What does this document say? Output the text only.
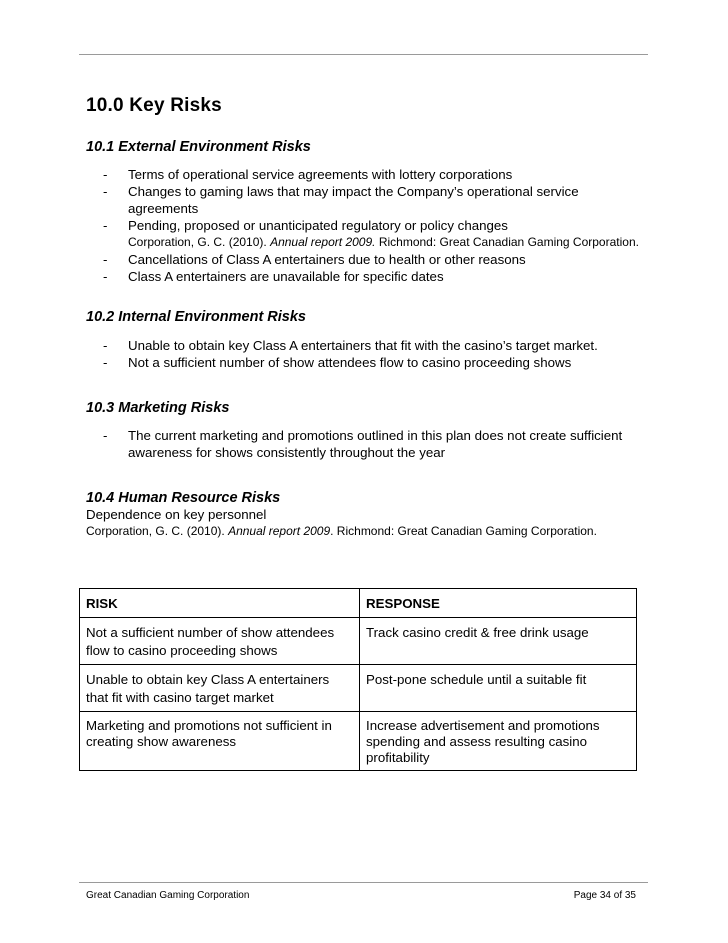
10.0 Key Risks
10.1 External Environment Risks
- Terms of operational service agreements with lottery corporations
- Changes to gaming laws that may impact the Company’s operational service agreements
- Pending, proposed or unanticipated regulatory or policy changes
Corporation, G. C. (2010). Annual report 2009. Richmond: Great Canadian Gaming Corporation.
- Cancellations of Class A entertainers due to health or other reasons
- Class A entertainers are unavailable for specific dates
10.2 Internal Environment Risks
- Unable to obtain key Class A entertainers that fit with the casino’s target market.
- Not a sufficient number of show attendees flow to casino proceeding shows
10.3 Marketing Risks
- The current marketing and promotions outlined in this plan does not create sufficient awareness for shows consistently throughout the year
10.4 Human Resource Risks
Dependence on key personnel
Corporation, G. C. (2010). Annual report 2009. Richmond: Great Canadian Gaming Corporation.
RISK	RESPONSE
Not a sufficient number of show attendees flow to casino proceeding shows	Track casino credit & free drink usage
Unable to obtain key Class A entertainers that fit with casino target market	Post-pone schedule until a suitable fit
Marketing and promotions not sufficient in creating show awareness	Increase advertisement and promotions spending and assess resulting casino profitability
Great Canadian Gaming Corporation	Page 34 of 35
